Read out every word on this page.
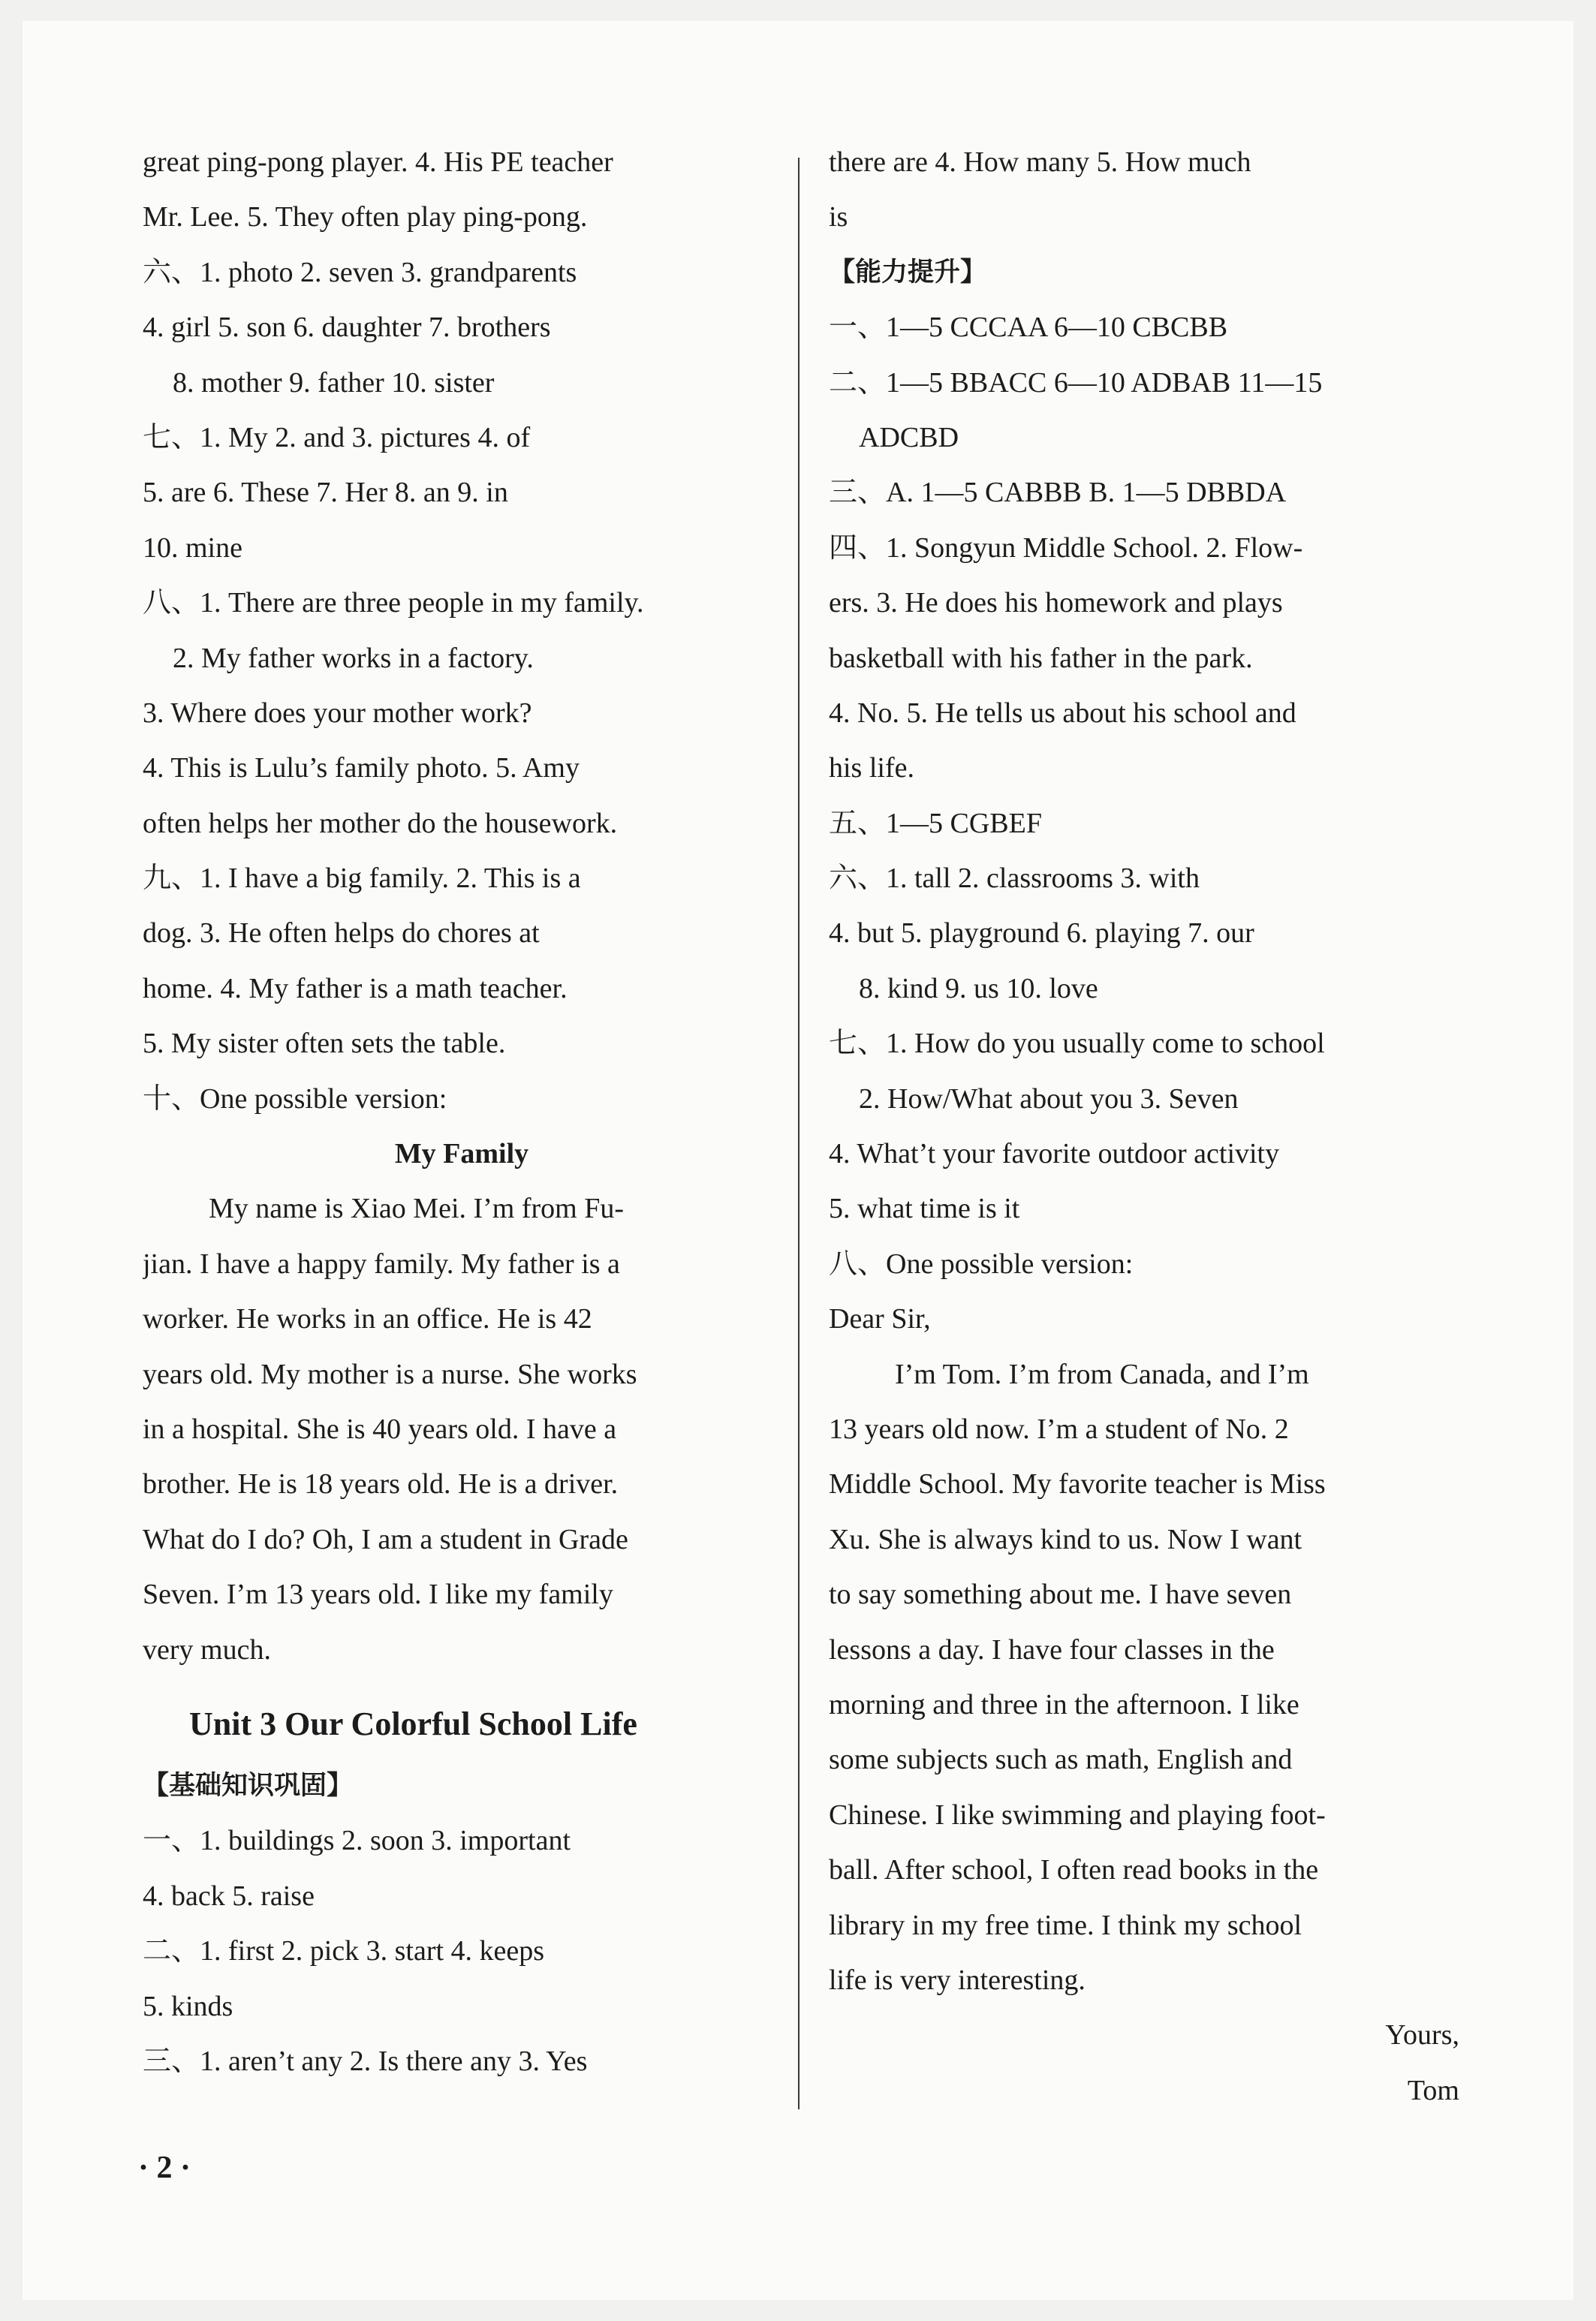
great ping-pong player. 4. His PE teacher
Mr. Lee. 5. They often play ping-pong.
六、1. photo 2. seven 3. grandparents
4. girl 5. son 6. daughter 7. brothers
8. mother 9. father 10. sister
七、1. My 2. and 3. pictures 4. of
5. are 6. These 7. Her 8. an 9. in
10. mine
八、1. There are three people in my family.
2. My father works in a factory.
3. Where does your mother work?
4. This is Lulu’s family photo. 5. Amy
often helps her mother do the housework.
九、1. I have a big family. 2. This is a
dog. 3. He often helps do chores at
home. 4. My father is a math teacher.
5. My sister often sets the table.
十、One possible version:
My Family
My name is Xiao Mei. I’m from Fu-
jian. I have a happy family. My father is a
worker. He works in an office. He is 42
years old. My mother is a nurse. She works
in a hospital. She is 40 years old. I have a
brother. He is 18 years old. He is a driver.
What do I do? Oh, I am a student in Grade
Seven. I’m 13 years old. I like my family
very much.
Unit 3 Our Colorful School Life
【基础知识巩固】
一、1. buildings 2. soon 3. important
4. back 5. raise
二、1. first 2. pick 3. start 4. keeps
5. kinds
三、1. aren’t any 2. Is there any 3. Yes
there are 4. How many 5. How much
is
【能力提升】
一、1—5 CCCAA 6—10 CBCBB
二、1—5 BBACC 6—10 ADBAB 11—15
ADCBD
三、A. 1—5 CABBB B. 1—5 DBBDA
四、1. Songyun Middle School. 2. Flow-
ers. 3. He does his homework and plays
basketball with his father in the park.
4. No. 5. He tells us about his school and
his life.
五、1—5 CGBEF
六、1. tall 2. classrooms 3. with
4. but 5. playground 6. playing 7. our
8. kind 9. us 10. love
七、1. How do you usually come to school
2. How/What about you 3. Seven
4. What’t your favorite outdoor activity
5. what time is it
八、One possible version:
Dear Sir,
I’m Tom. I’m from Canada, and I’m
13 years old now. I’m a student of No. 2
Middle School. My favorite teacher is Miss
Xu. She is always kind to us. Now I want
to say something about me. I have seven
lessons a day. I have four classes in the
morning and three in the afternoon. I like
some subjects such as math, English and
Chinese. I like swimming and playing foot-
ball. After school, I often read books in the
library in my free time. I think my school
life is very interesting.
Yours,
Tom
· 2 ·
